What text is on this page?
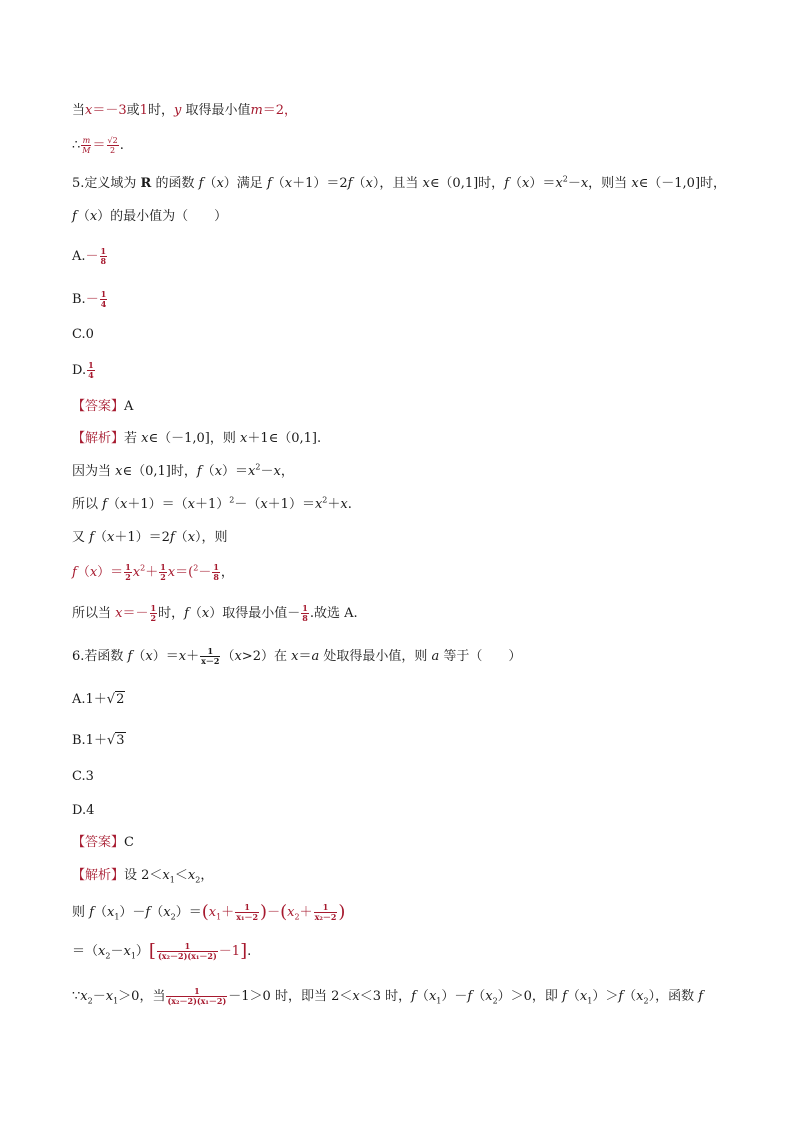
当x＝－3或1时，y 取得最小值m＝2，
∴ $\frac{m}{M} = \frac{√2}{2}$ .
5.定义域为 R 的函数 f（x）满足 f（x＋1）＝2f（x），且当 x∈（0,1]时，$f(x)=x^2-x$，则当 x∈（－1,0]时，
f（x）的最小值为（　　）
$A.- \frac{1}{8}$
$B.- \frac{1}{4}$
C.0
D. $\frac{1}{4}$
【答案】A
【解析】若 x∈（－1,0]，则 x＋1∈（0,1].
因为当 x∈（0,1]时，$f(x)=x^2-x$，
所以 $f(x+1)=(x+1)^2-(x+1)=x^2+x$.
又 f（x＋1）＝2f（x），则
$f(x)= \frac{1}{2} x^2+ \frac{1}{2} x=(^2- \frac{1}{8}$ ，
所以当 $x=- \frac{1}{2}$ 时，f（x）取得最小值－ $\frac{1}{8}$ .故选 A.
6.若函数 $f(x)=x+ \frac{1}{x-2} (x>2)$在 x＝a 处取得最小值，则 a 等于（　　）
A.1＋√2
B.1＋√3
C.3
D.4
【答案】C
【解析】设 $2<x_1<x_2$，
则 $f(x_1)-f(x_2)=(x_1+ \frac{1}{\text{x₁－2}} )-(x_2+ \frac{1}{\text{x₂－2}}$ )
$=(x_2-x_1)[ \frac{1}{\text{(x₂－2)(x₁－2)}} -1]$.
$\because x_2-x_1>0$，当 $\frac{1}{\text{(x₂－2)(x₁－2)}} -1>0$ 时，即当 2＜x＜3 时，$f(x_1)-f(x_2)>0$，即 $f(x_1)>f(x_2)$，函数 f
